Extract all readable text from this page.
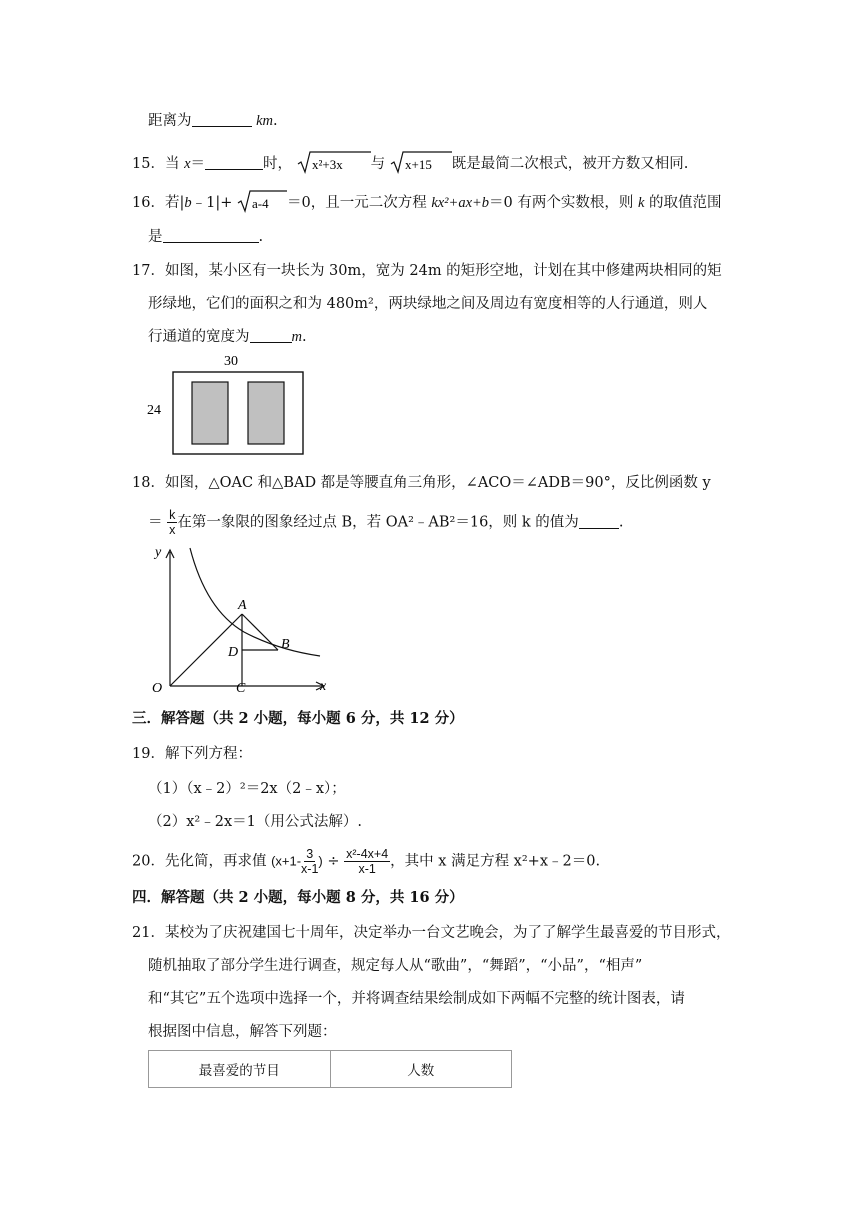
距离为	km.
15．当 x＝	时， x²+3x 与 x+15 既是最简二次根式，被开方数又相同.
16．若|b﹣1|+ a-4 ＝0，且一元二次方程 kx²+ax+b＝0 有两个实数根，则 k 的取值范围
是	.
17．如图，某小区有一块长为 30m，宽为 24m 的矩形空地，计划在其中修建两块相同的矩
形绿地，它们的面积之和为 480m²，两块绿地之间及周边有宽度相等的人行通道，则人
行通道的宽度为	m.
30
24
18．如图，△OAC 和△BAD 都是等腰直角三角形，∠ACO＝∠ADB＝90°，反比例函数 y
＝ $\frac{k}{x}$ 在第一象限的图象经过点 B，若 OA²﹣AB²＝16，则 k 的值为	.
y
x
O
A
B
C
D
三．解答题（共 2 小题，每小题 6 分，共 12 分）
19．解下列方程：
（1）（x﹣2）²＝2x（2﹣x）；
（2）x²﹣2x＝1（用公式法解）.
20．先化简，再求值 ($x+1- \frac{3}{x-1}$ ) ÷ $\frac{\text{x²-4x+4}}{x-1}$ ，其中 x 满足方程 x²+x﹣2＝0.
四．解答题（共 2 小题，每小题 8 分，共 16 分）
21．某校为了庆祝建国七十周年，决定举办一台文艺晚会，为了了解学生最喜爱的节目形式，
随机抽取了部分学生进行调查，规定每人从“歌曲”，“舞蹈”，“小品”，“相声”
和“其它”五个选项中选择一个，并将调查结果绘制成如下两幅不完整的统计图表，请
根据图中信息，解答下列题：
最喜爱的节目	人数
